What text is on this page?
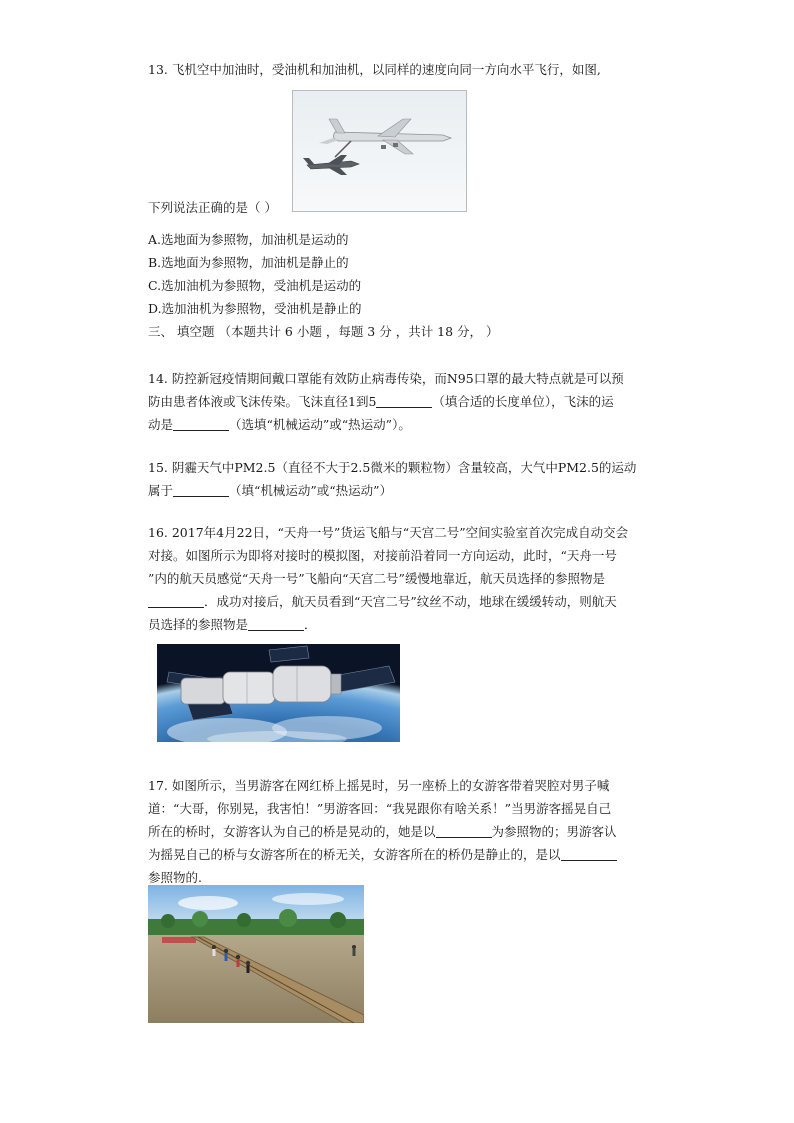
13. 飞机空中加油时，受油机和加油机，以同样的速度向同一方向水平飞行，如图,
下列说法正确的是（ ）
A.选地面为参照物，加油机是运动的
B.选地面为参照物，加油机是静止的
C.选加油机为参照物，受油机是运动的
D.选加油机为参照物，受油机是静止的
三、 填空题 （本题共计 6 小题 ，每题 3 分 ，共计 18 分， ）
14. 防控新冠疫情期间戴口罩能有效防止病毒传染，而N95口罩的最大特点就是可以预
防由患者体液或飞沫传染。飞沫直径1到5	（填合适的长度单位），飞沫的运
动是	（选填“机械运动”或“热运动”）。
15. 阴霾天气中PM2.5（直径不大于2.5微米的颗粒物）含量较高，大气中PM2.5的运动
属于	（填“机械运动”或“热运动”）
16. 2017年4月22日，“天舟一号”货运飞船与“天宫二号”空间实验室首次完成自动交会
对接。如图所示为即将对接时的模拟图，对接前沿着同一方向运动，此时，“天舟一号
”内的航天员感觉“天舟一号”飞船向“天宫二号”缓慢地靠近，航天员选择的参照物是
．成功对接后，航天员看到“天宫二号”纹丝不动，地球在缓缓转动，则航天
员选择的参照物是	．
17. 如图所示，当男游客在网红桥上摇晃时，另一座桥上的女游客带着哭腔对男子喊
道：“大哥，你别晃，我害怕！”男游客回：“我晃跟你有啥关系！”当男游客摇晃自己
所在的桥时，女游客认为自己的桥是晃动的，她是以	为参照物的；男游客认
为摇晃自己的桥与女游客所在的桥无关，女游客所在的桥仍是静止的，是以
参照物的.
